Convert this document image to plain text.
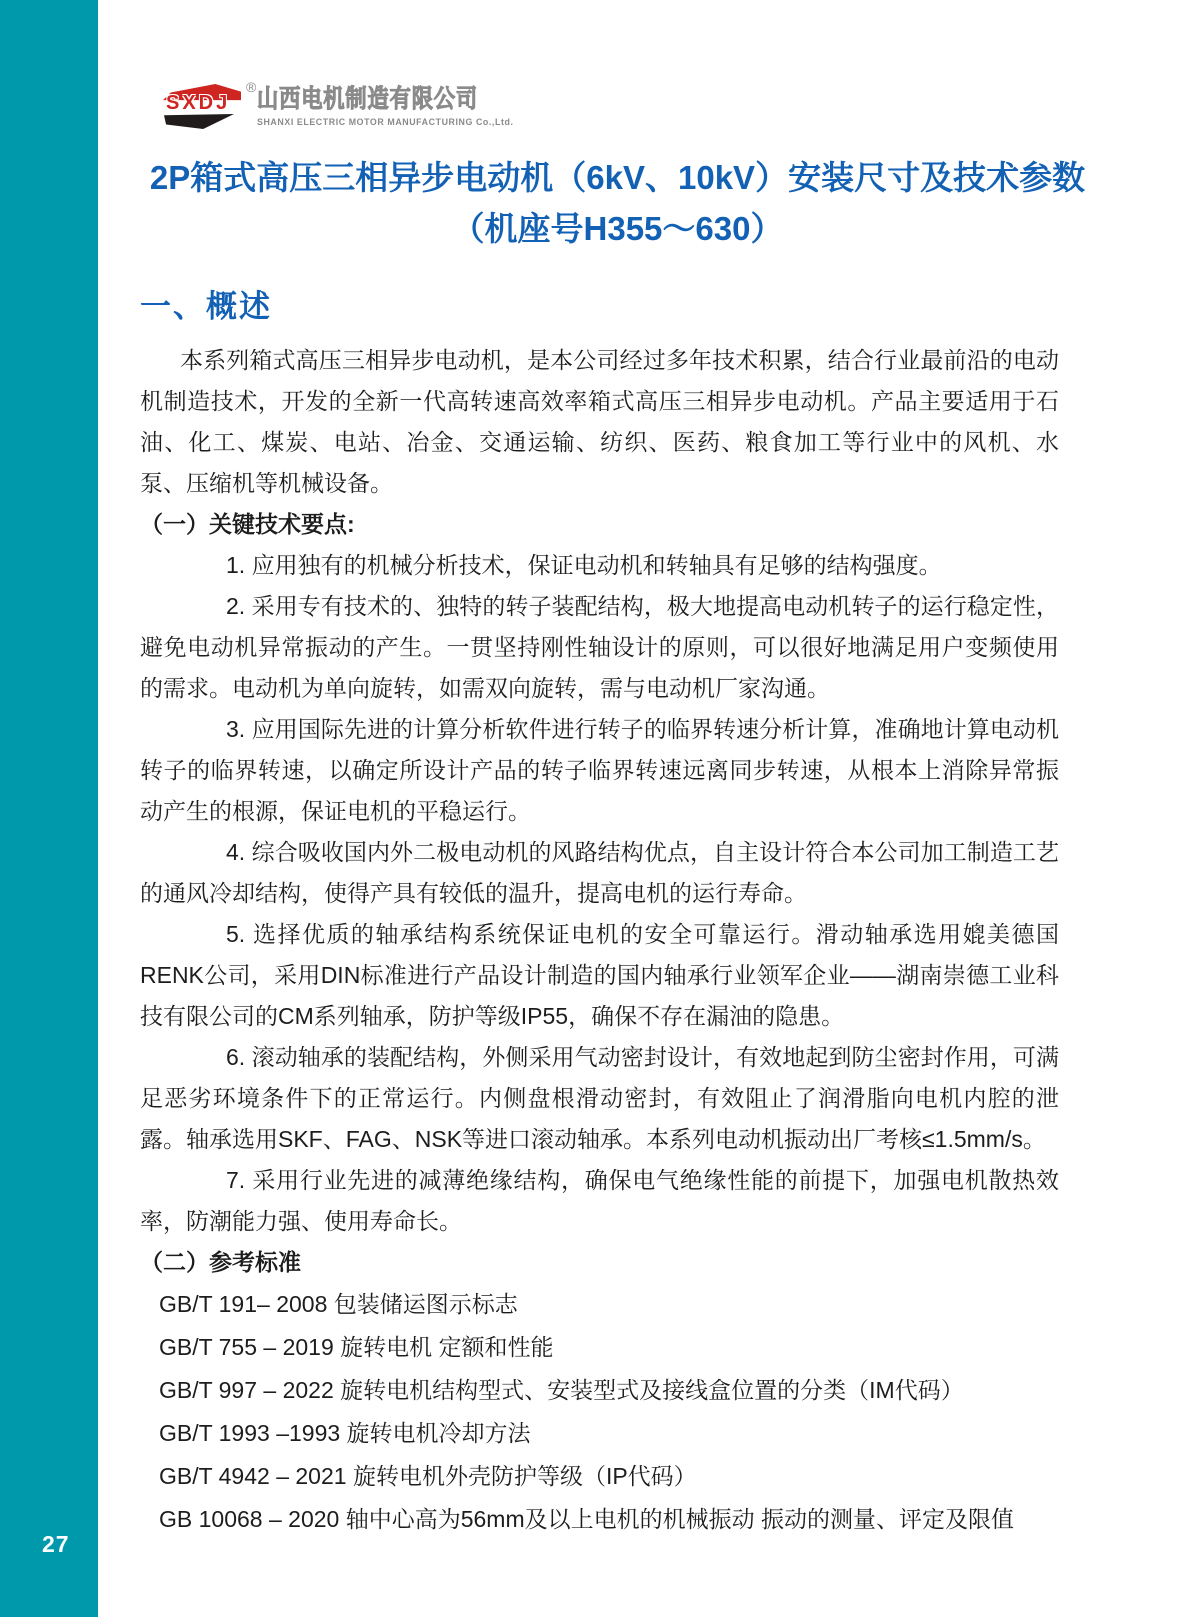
27
SXDJ
® 山西电机制造有限公司
SHANXI ELECTRIC MOTOR MANUFACTURING Co.,Ltd.
2P箱式高压三相异步电动机（6kV、10kV）安装尺寸及技术参数
（机座号H355～630）
一、概述

本系列箱式高压三相异步电动机，是本公司经过多年技术积累，结合行业最前沿的电动机制造技术，开发的全新一代高转速高效率箱式高压三相异步电动机。产品主要适用于石油、化工、煤炭、电站、冶金、交通运输、纺织、医药、粮食加工等行业中的风机、水泵、压缩机等机械设备。

（一）关键技术要点:

1. 应用独有的机械分析技术，保证电动机和转轴具有足够的结构强度。

2. 采用专有技术的、独特的转子装配结构，极大地提高电动机转子的运行稳定性，避免电动机异常振动的产生。一贯坚持刚性轴设计的原则，可以很好地满足用户变频使用的需求。电动机为单向旋转，如需双向旋转，需与电动机厂家沟通。

3. 应用国际先进的计算分析软件进行转子的临界转速分析计算，准确地计算电动机转子的临界转速，以确定所设计产品的转子临界转速远离同步转速，从根本上消除异常振动产生的根源，保证电机的平稳运行。

4. 综合吸收国内外二极电动机的风路结构优点，自主设计符合本公司加工制造工艺的通风冷却结构，使得产具有较低的温升，提高电机的运行寿命。

5. 选择优质的轴承结构系统保证电机的安全可靠运行。滑动轴承选用媲美德国RENK公司，采用DIN标准进行产品设计制造的国内轴承行业领军企业——湖南崇德工业科技有限公司的CM系列轴承，防护等级IP55，确保不存在漏油的隐患。

6. 滚动轴承的装配结构，外侧采用气动密封设计，有效地起到防尘密封作用，可满足恶劣环境条件下的正常运行。内侧盘根滑动密封，有效阻止了润滑脂向电机内腔的泄露。轴承选用SKF、FAG、NSK等进口滚动轴承。本系列电动机振动出厂考核≤1.5mm/s。

7. 采用行业先进的减薄绝缘结构，确保电气绝缘性能的前提下，加强电机散热效率，防潮能力强、使用寿命长。

（二）参考标准

GB/T 191– 2008 包装储运图示标志
GB/T 755 – 2019 旋转电机 定额和性能
GB/T 997 – 2022 旋转电机结构型式、安装型式及接线盒位置的分类（IM代码）
GB/T 1993 –1993 旋转电机冷却方法
GB/T 4942 – 2021 旋转电机外壳防护等级（IP代码）
GB 10068 – 2020 轴中心高为56mm及以上电机的机械振动 振动的测量、评定及限值
